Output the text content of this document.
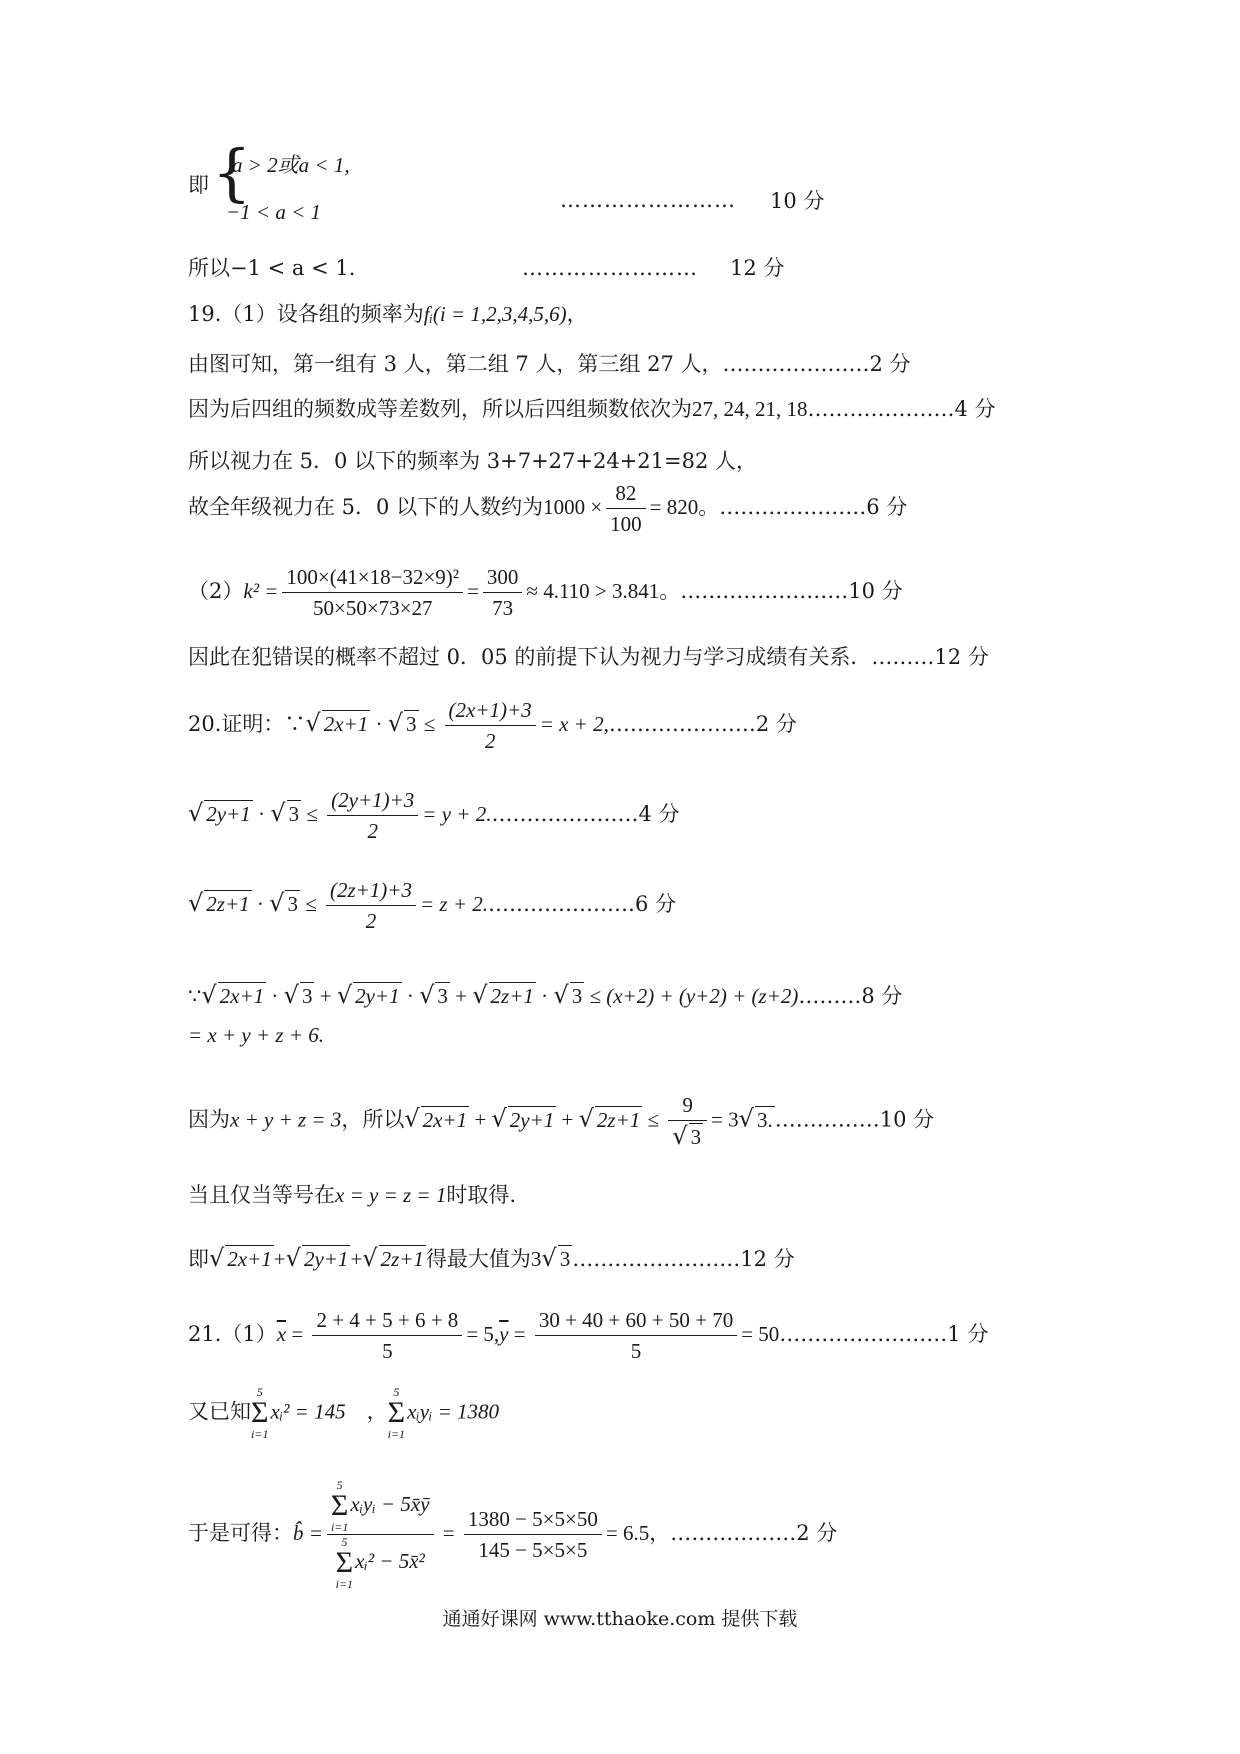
即 {
a > 2或a < 1,
−1 < a < 1	…………………… 10 分
所以−1 < a < 1.	…………………… 12 分
19.（1）设各组的频率为fᵢ(i = 1,2,3,4,5,6)，
由图可知，第一组有 3 人，第二组 7 人，第三组 27 人，…………………2 分
因为后四组的频数成等差数列，所以后四组频数依次为27, 24, 21, 18…………………4 分
所以视力在 5．0 以下的频率为 3+7+27+24+21=82 人，
故全年级视力在 5．0 以下的人数约为$1000 \times \frac{82}{100} = 820$。…………………6 分
$(2)k^2 = \frac{\text{100×(41×18−32×9)²}}{50\times 50\times 73\times 27} = \frac{300}{73} \approx 4.110 > 3.841$。……………………10 分
因此在犯错误的概率不超过 0．05 的前提下认为视力与学习成绩有关系．………12 分
20.证明：∵√ 2x+1 · √ $3 \le \frac{(2x+1)+3}{2} = x$ + 2,…………………2 分
√ 2y+1 · √ $3 \le \frac{(2y+1)+3}{2} = y$ + 2.…………………4 分
√ 2z+1 · √ $3 \le \frac{(2z+1)+3}{2} = z$ + 2.…………………6 分
∵√ 2x+1 · √ 3 + √ 2y+1 · √ 3 + √ 2z+1 · √ 3 ≤ (x+2) + (y+2) + (z+2)………8 分
= x + y + z + 6.
因为x + y + z = 3，所以√ 2x+1 + √ 2y+1 + √ $2z+1 \le \frac{9}{√ 3} = 3√$ 3.……………10 分
当且仅当等号在x = y = z = 1时取得.
即√ 2x+1+√ 2y+1+√ 2z+1得最大值为3√ 3……………………12 分
$21.(1)\overline{x} = \frac{2 + 4 + 5 + 6 + 8}{5} = 5,\overline{y} = \frac{30 + 40 + 60 + 50 + 70}{5}$ = 50……………………1 分
又已知
5
Σ
i=1
xᵢ² = 145　，
5
Σ
i=1
xᵢyᵢ = 1380
于是可得：b̂ = 5
Σ
i=1
xᵢyᵢ − 5x̄ȳ
5
Σ
i=1
xᵢ² − 5x̄² = $\frac{1380 - 5\times 5\times 50}{145 - 5\times 5\times 5} = 6.5$，………………2 分
通通好课网 www.tthaoke.com 提供下载
